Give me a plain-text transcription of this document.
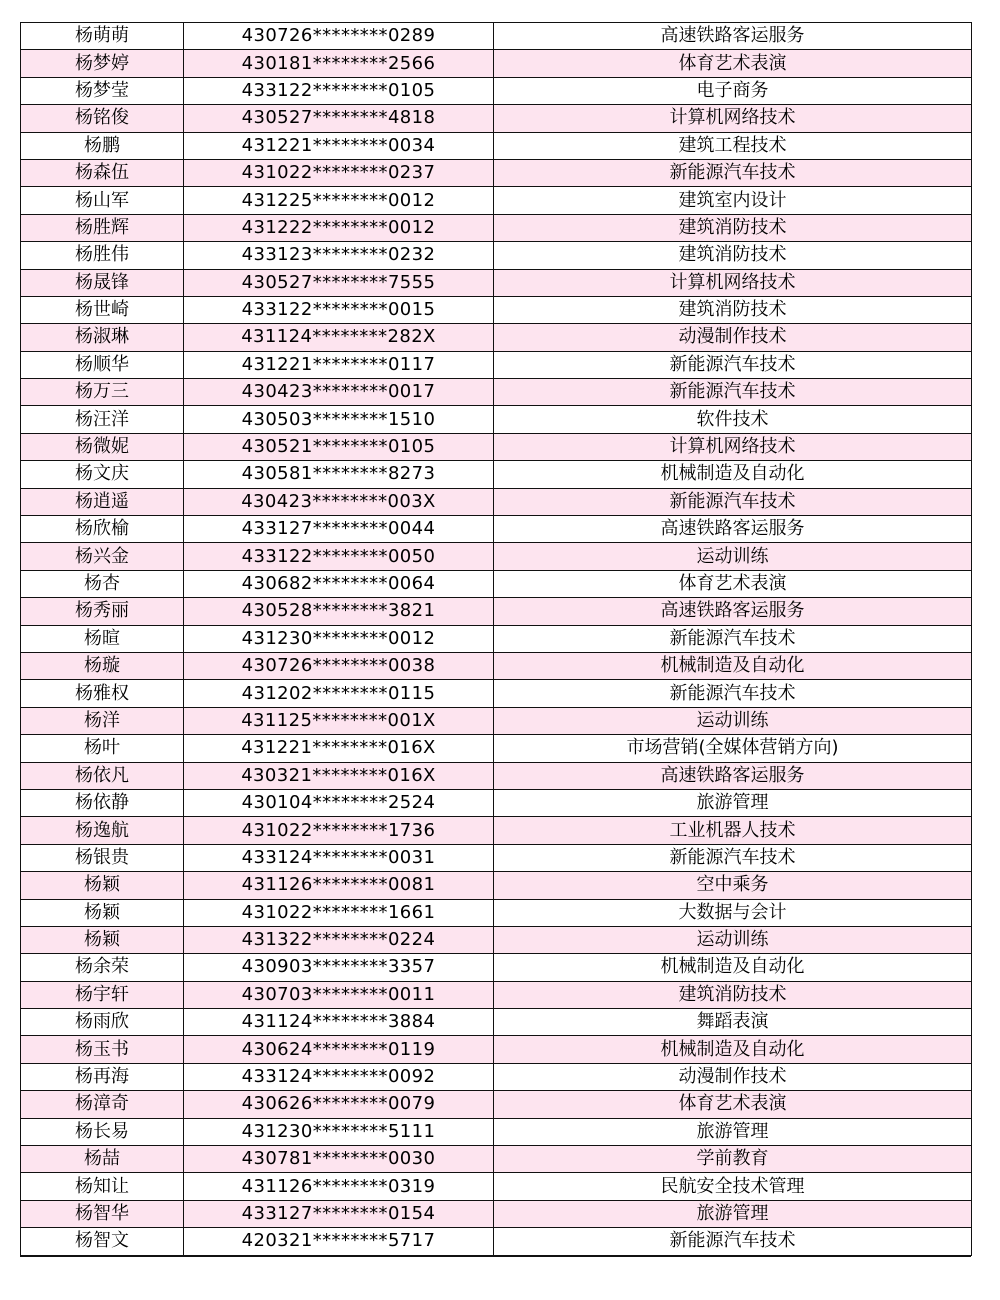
杨萌萌	430726********0289	高速铁路客运服务
杨梦婷	430181********2566	体育艺术表演
杨梦莹	433122********0105	电子商务
杨铭俊	430527********4818	计算机网络技术
杨鹏	431221********0034	建筑工程技术
杨森伍	431022********0237	新能源汽车技术
杨山军	431225********0012	建筑室内设计
杨胜辉	431222********0012	建筑消防技术
杨胜伟	433123********0232	建筑消防技术
杨晟锋	430527********7555	计算机网络技术
杨世崎	433122********0015	建筑消防技术
杨淑琳	431124********282X	动漫制作技术
杨顺华	431221********0117	新能源汽车技术
杨万三	430423********0017	新能源汽车技术
杨汪洋	430503********1510	软件技术
杨微妮	430521********0105	计算机网络技术
杨文庆	430581********8273	机械制造及自动化
杨逍遥	430423********003X	新能源汽车技术
杨欣榆	433127********0044	高速铁路客运服务
杨兴金	433122********0050	运动训练
杨杏	430682********0064	体育艺术表演
杨秀丽	430528********3821	高速铁路客运服务
杨暄	431230********0012	新能源汽车技术
杨璇	430726********0038	机械制造及自动化
杨雅权	431202********0115	新能源汽车技术
杨洋	431125********001X	运动训练
杨叶	431221********016X	市场营销(全媒体营销方向)
杨依凡	430321********016X	高速铁路客运服务
杨依静	430104********2524	旅游管理
杨逸航	431022********1736	工业机器人技术
杨银贵	433124********0031	新能源汽车技术
杨颖	431126********0081	空中乘务
杨颖	431022********1661	大数据与会计
杨颖	431322********0224	运动训练
杨余荣	430903********3357	机械制造及自动化
杨宇轩	430703********0011	建筑消防技术
杨雨欣	431124********3884	舞蹈表演
杨玉书	430624********0119	机械制造及自动化
杨再海	433124********0092	动漫制作技术
杨漳奇	430626********0079	体育艺术表演
杨长易	431230********5111	旅游管理
杨喆	430781********0030	学前教育
杨知让	431126********0319	民航安全技术管理
杨智华	433127********0154	旅游管理
杨智文	420321********5717	新能源汽车技术
